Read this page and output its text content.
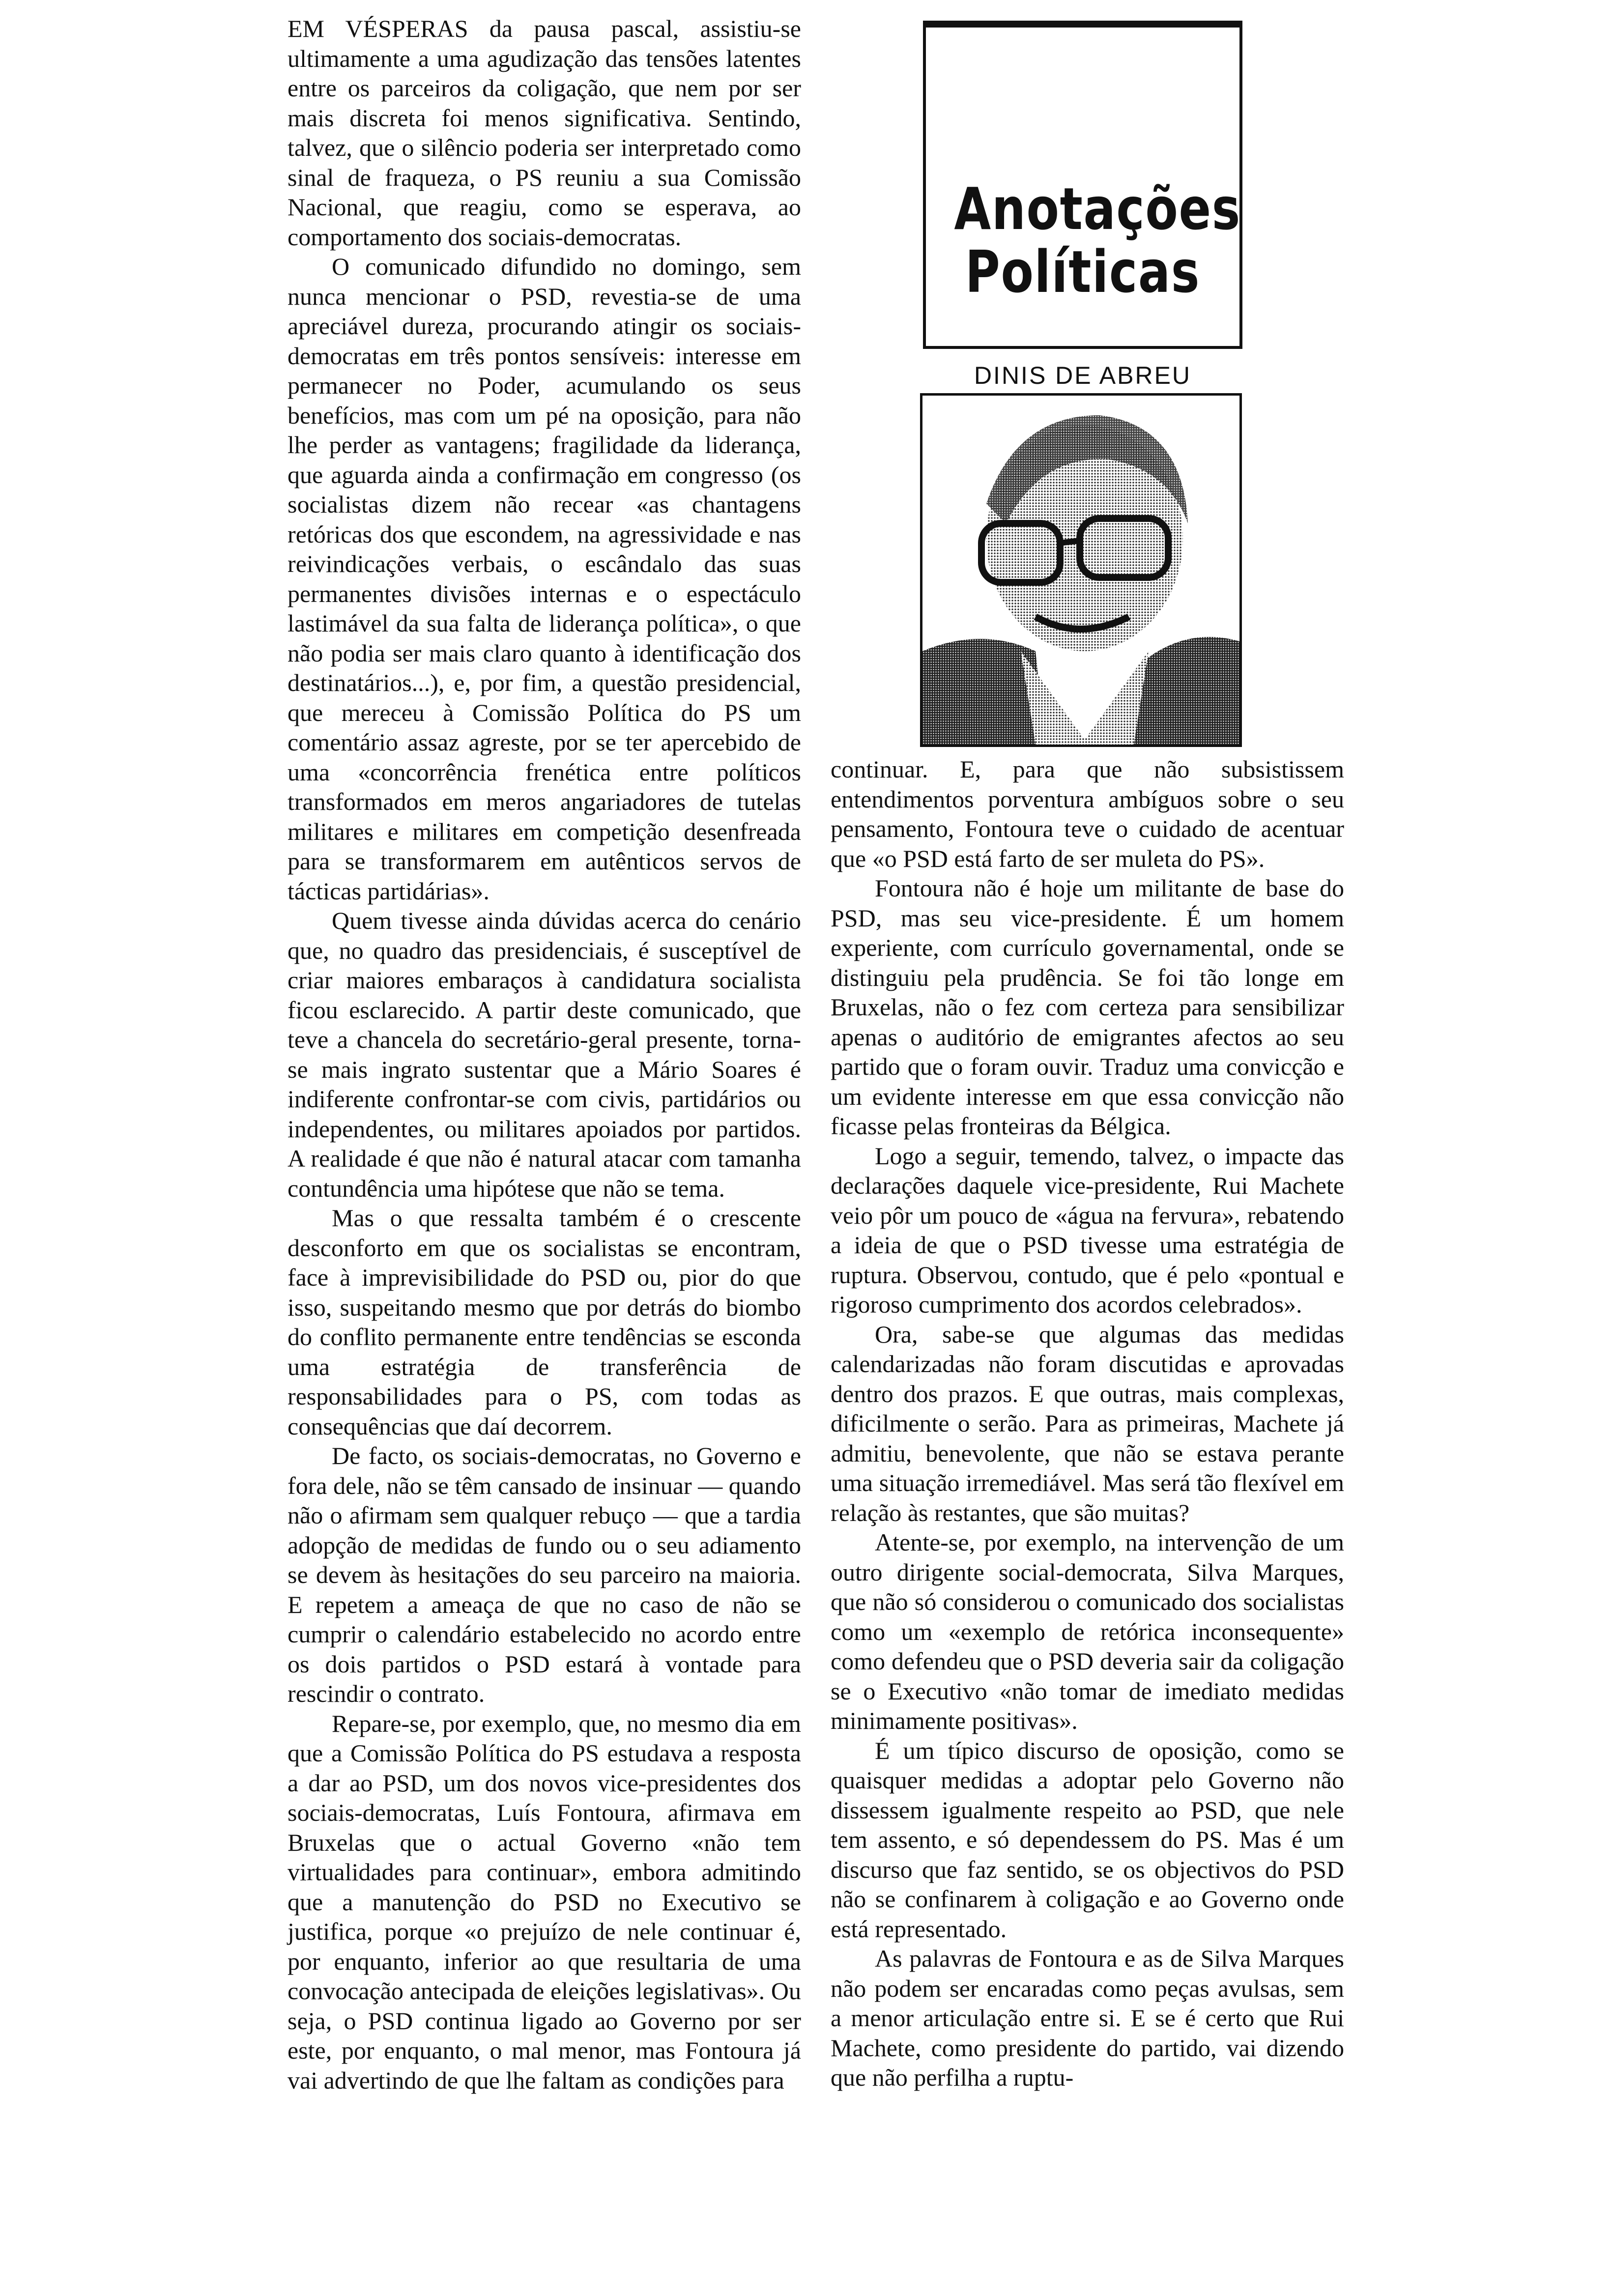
EM VÉSPERAS da pausa pascal, assistiu-se ultimamente a uma agudização das tensões latentes entre os parceiros da coligação, que nem por ser mais discreta foi menos significativa. Sentindo, talvez, que o silêncio poderia ser interpretado como sinal de fraqueza, o PS reuniu a sua Comissão Nacional, que reagiu, como se esperava, ao comportamento dos sociais-democratas.

O comunicado difundido no domingo, sem nunca mencionar o PSD, revestia-se de uma apreciável dureza, procurando atingir os sociais-democratas em três pontos sensíveis: interesse em permanecer no Poder, acumulando os seus benefícios, mas com um pé na oposição, para não lhe perder as vantagens; fragilidade da liderança, que aguarda ainda a confirmação em congresso (os socialistas dizem não recear «as chantagens retóricas dos que escondem, na agressividade e nas reivindicações verbais, o escândalo das suas permanentes divisões internas e o espectáculo lastimável da sua falta de liderança política», o que não podia ser mais claro quanto à identificação dos destinatários...), e, por fim, a questão presidencial, que mereceu à Comissão Política do PS um comentário assaz agreste, por se ter apercebido de uma «concorrência frenética entre políticos transformados em meros angariadores de tutelas militares e militares em competição desenfreada para se transformarem em autênticos servos de tácticas partidárias».

Quem tivesse ainda dúvidas acerca do cenário que, no quadro das presidenciais, é susceptível de criar maiores embaraços à candidatura socialista ficou esclarecido. A partir deste comunicado, que teve a chancela do secretário-geral presente, torna-se mais ingrato sustentar que a Mário Soares é indiferente confrontar-se com civis, partidários ou independentes, ou militares apoiados por partidos. A realidade é que não é natural atacar com tamanha contundência uma hipótese que não se tema.

Mas o que ressalta também é o crescente desconforto em que os socialistas se encontram, face à imprevisibilidade do PSD ou, pior do que isso, suspeitando mesmo que por detrás do biombo do conflito permanente entre tendências se esconda uma estratégia de transferência de responsabilidades para o PS, com todas as consequências que daí decorrem.

De facto, os sociais-democratas, no Governo e fora dele, não se têm cansado de insinuar — quando não o afirmam sem qualquer rebuço — que a tardia adopção de medidas de fundo ou o seu adiamento se devem às hesitações do seu parceiro na maioria. E repetem a ameaça de que no caso de não se cumprir o calendário estabelecido no acordo entre os dois partidos o PSD estará à vontade para rescindir o contrato.

Repare-se, por exemplo, que, no mesmo dia em que a Comissão Política do PS estudava a resposta a dar ao PSD, um dos novos vice-presidentes dos sociais-democratas, Luís Fontoura, afirmava em Bruxelas que o actual Governo «não tem virtualidades para continuar», embora admitindo que a manutenção do PSD no Executivo se justifica, porque «o prejuízo de nele continuar é, por enquanto, inferior ao que resultaria de uma convocação antecipada de eleições legislativas». Ou seja, o PSD continua ligado ao Governo por ser este, por enquanto, o mal menor, mas Fontoura já vai advertindo de que lhe faltam as condições para

Anotações
Políticas
DINIS DE ABREU

continuar. E, para que não subsistissem entendimentos porventura ambíguos sobre o seu pensamento, Fontoura teve o cuidado de acentuar que «o PSD está farto de ser muleta do PS».

Fontoura não é hoje um militante de base do PSD, mas seu vice-presidente. É um homem experiente, com currículo governamental, onde se distinguiu pela prudência. Se foi tão longe em Bruxelas, não o fez com certeza para sensibilizar apenas o auditório de emigrantes afectos ao seu partido que o foram ouvir. Traduz uma convicção e um evidente interesse em que essa convicção não ficasse pelas fronteiras da Bélgica.

Logo a seguir, temendo, talvez, o impacte das declarações daquele vice-presidente, Rui Machete veio pôr um pouco de «água na fervura», rebatendo a ideia de que o PSD tivesse uma estratégia de ruptura. Observou, contudo, que é pelo «pontual e rigoroso cumprimento dos acordos celebrados».

Ora, sabe-se que algumas das medidas calendarizadas não foram discutidas e aprovadas dentro dos prazos. E que outras, mais complexas, dificilmente o serão. Para as primeiras, Machete já admitiu, benevolente, que não se estava perante uma situação irremediável. Mas será tão flexível em relação às restantes, que são muitas?

Atente-se, por exemplo, na intervenção de um outro dirigente social-democrata, Silva Marques, que não só considerou o comunicado dos socialistas como um «exemplo de retórica inconsequente» como defendeu que o PSD deveria sair da coligação se o Executivo «não tomar de imediato medidas minimamente positivas».

É um típico discurso de oposição, como se quaisquer medidas a adoptar pelo Governo não dissessem igualmente respeito ao PSD, que nele tem assento, e só dependessem do PS. Mas é um discurso que faz sentido, se os objectivos do PSD não se confinarem à coligação e ao Governo onde está representado.

As palavras de Fontoura e as de Silva Marques não podem ser encaradas como peças avulsas, sem a menor articulação entre si. E se é certo que Rui Machete, como presidente do partido, vai dizendo que não perfilha a ruptu-
